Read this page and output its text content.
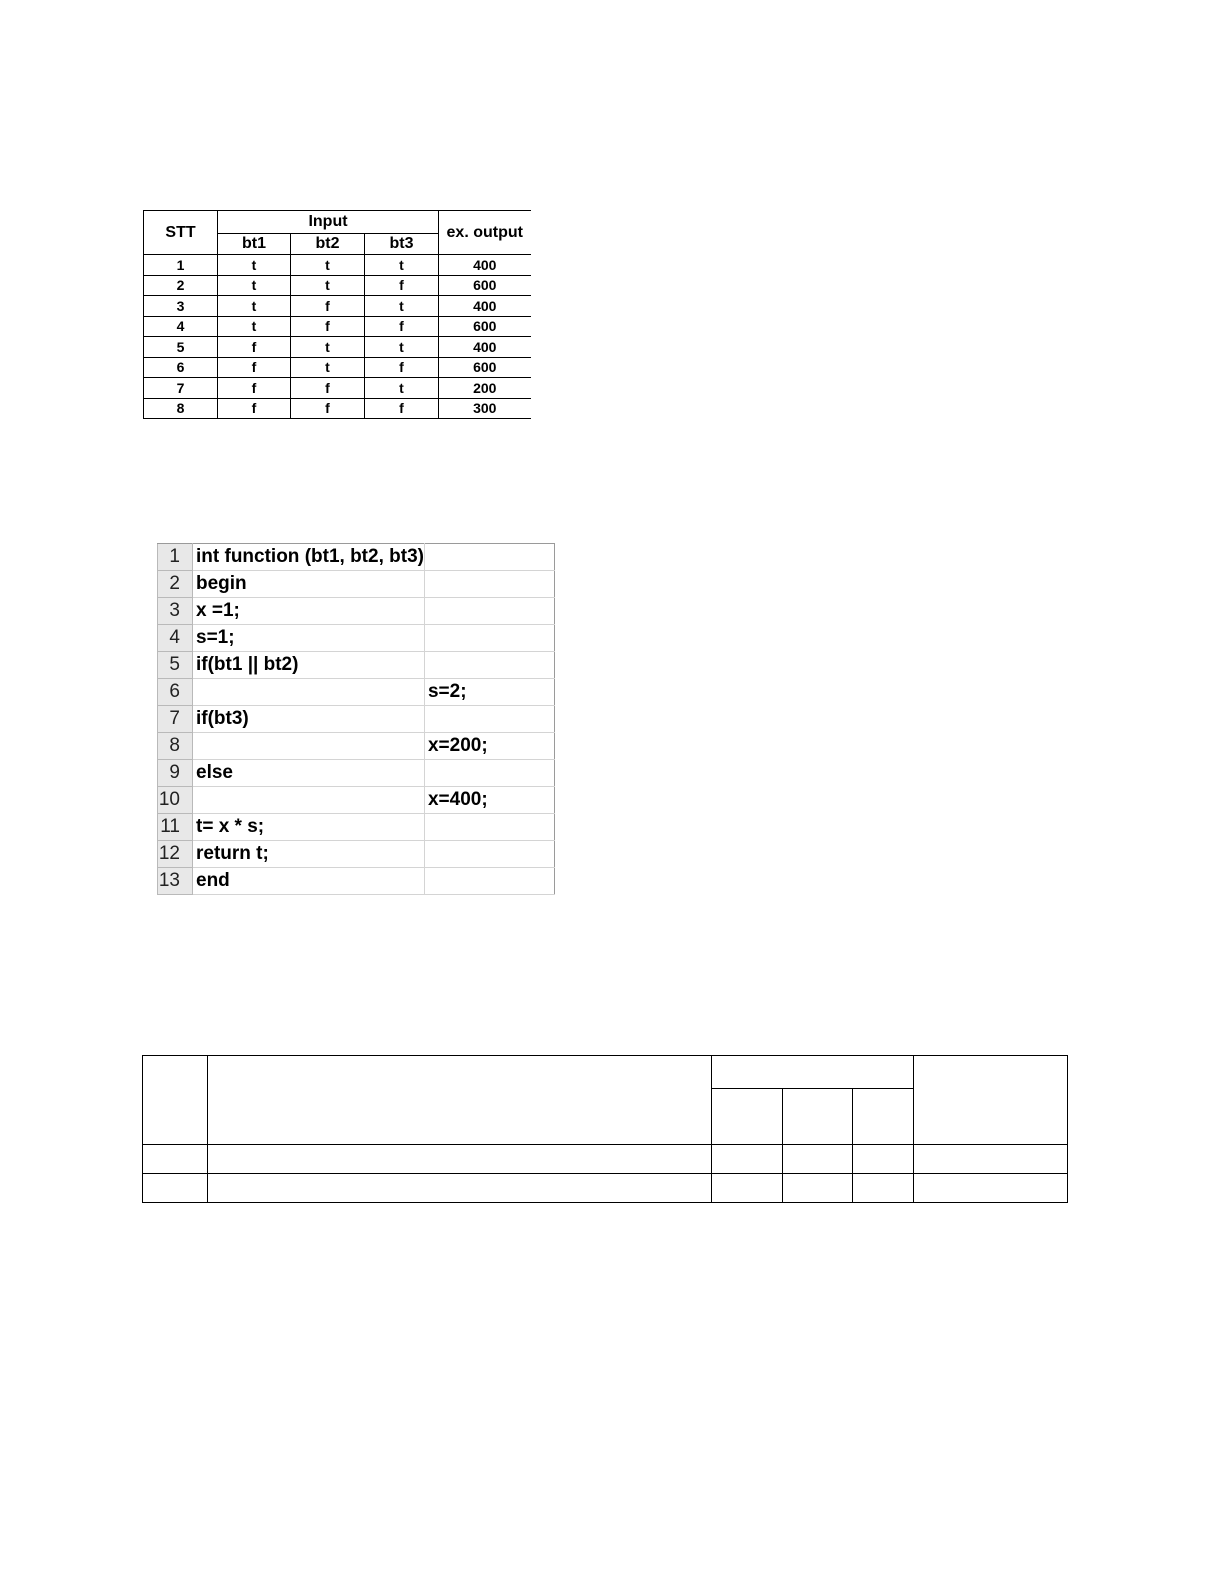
STT	Input			ex. output
	bt1	bt2	bt3	
1	t	t	t	400
2	t	t	f	600
3	t	f	t	400
4	t	f	f	600
5	f	t	t	400
6	f	t	f	600
7	f	f	t	200
8	f	f	f	300
1	int function (bt1, bt2, bt3)	
2	begin	
3	x =1;	
4	s=1;	
5	if(bt1 || bt2)	
6		s=2;
7	if(bt3)	
8		x=200;
9	else	
10		x=400;
11	t= x * s;	
12	return t;	
13	end	
